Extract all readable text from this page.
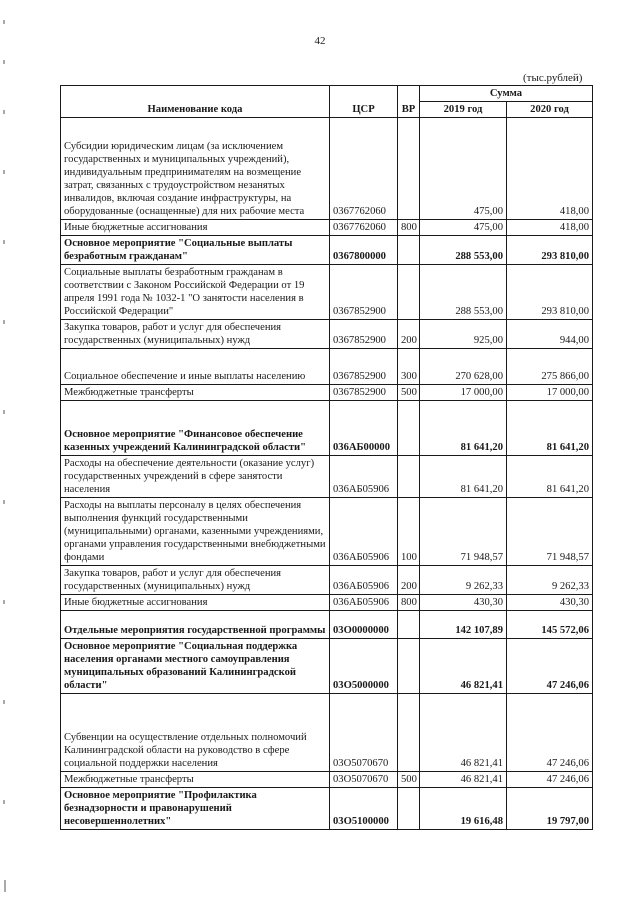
42
(тыс.рублей)
Наименование кода	ЦСР	ВР	Сумма	
			2019 год	2020 год
Субсидии юридическим лицам (за исключением государственных и муниципальных учреждений), индивидуальным предпринимателям на возмещение затрат, связанных с трудоустройством незанятых инвалидов, включая создание инфраструктуры, на оборудованные (оснащенные) для них рабочие места	0367762060		475,00	418,00
Иные бюджетные ассигнования	0367762060	800	475,00	418,00
Основное мероприятие "Социальные выплаты безработным гражданам"	0367800000		288 553,00	293 810,00
Социальные выплаты безработным гражданам в соответствии с Законом Российской Федерации от 19 апреля 1991 года № 1032-1 "О занятости населения в Российской Федерации"	0367852900		288 553,00	293 810,00
Закупка товаров, работ и услуг для обеспечения государственных (муниципальных) нужд	0367852900	200	925,00	944,00
Социальное обеспечение и иные выплаты населению	0367852900	300	270 628,00	275 866,00
Межбюджетные трансферты	0367852900	500	17 000,00	17 000,00
Основное мероприятие "Финансовое обеспечение казенных учреждений Калининградской области"	036АБ00000		81 641,20	81 641,20
Расходы на обеспечение деятельности (оказание услуг) государственных учреждений в сфере занятости населения	036АБ05906		81 641,20	81 641,20
Расходы на выплаты персоналу в целях обеспечения выполнения функций государственными (муниципальными) органами, казенными учреждениями, органами управления государственными внебюджетными фондами	036АБ05906	100	71 948,57	71 948,57
Закупка товаров, работ и услуг для обеспечения государственных (муниципальных) нужд	036АБ05906	200	9 262,33	9 262,33
Иные бюджетные ассигнования	036АБ05906	800	430,30	430,30
Отдельные мероприятия государственной программы	03О0000000		142 107,89	145 572,06
Основное мероприятие "Социальная поддержка населения органами местного самоуправления муниципальных образований Калининградской области"	03О5000000		46 821,41	47 246,06
Субвенции на осуществление отдельных полномочий Калининградской области на руководство в сфере социальной поддержки населения	03О5070670		46 821,41	47 246,06
Межбюджетные трансферты	03О5070670	500	46 821,41	47 246,06
Основное мероприятие "Профилактика безнадзорности и правонарушений несовершеннолетних"	03О5100000		19 616,48	19 797,00
